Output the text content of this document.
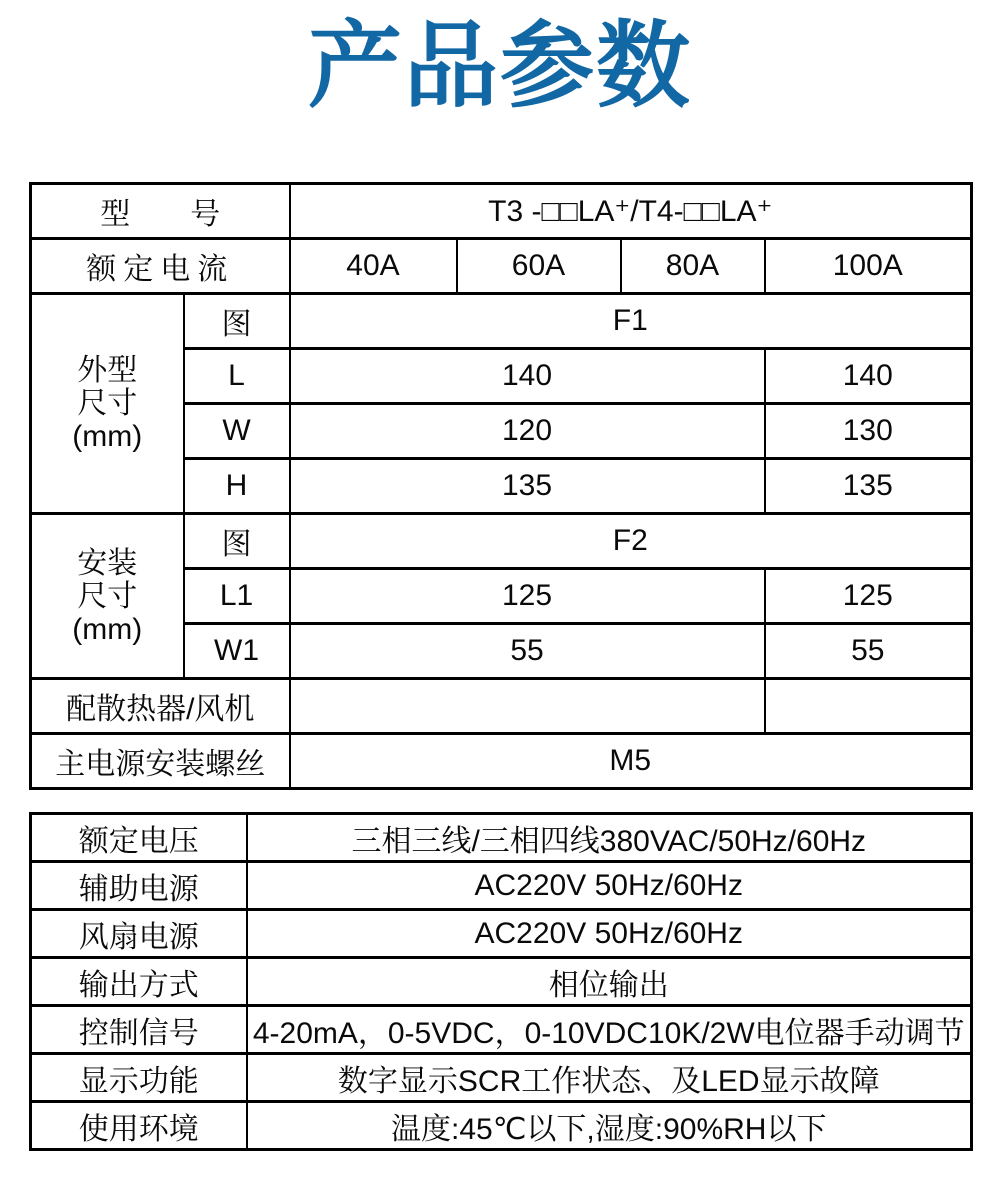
产品参数
型　　号		T3 -□□LA⁺/T4-□□LA⁺			
额定电流		40A	60A	80A	100A

外型
尺寸
(mm)	图	F1			
	L	140			140
	W	120			130
	H	135			135

安装
尺寸
(mm)	图	F2			
	L1	125			125
	W1	55			55
配散热器/风机					
主电源安装螺丝		M5			
额定电压	三相三线/三相四线380VAC/50Hz/60Hz
辅助电源	AC220V 50Hz/60Hz
风扇电源	AC220V 50Hz/60Hz
输出方式	相位输出
控制信号	4-20mA，0-5VDC，0-10VDC10K/2W电位器手动调节
显示功能	数字显示SCR工作状态、及LED显示故障
使用环境	温度:45℃以下,湿度:90%RH以下
